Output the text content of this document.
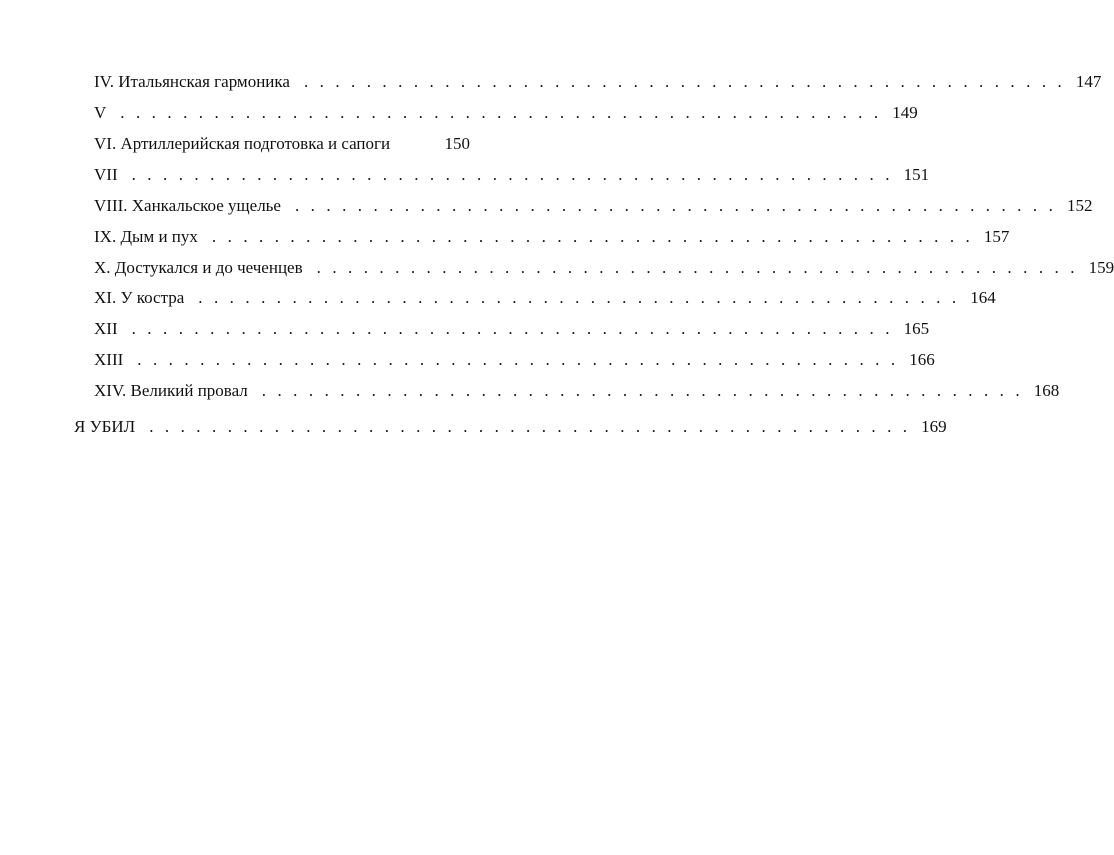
IV. Итальянская гармоника . . . . . . . . . . . . . . . . . . . . . . . . . . . . . . . . . . . . . . . . . . . . . . . . . 147
V . . . . . . . . . . . . . . . . . . . . . . . . . . . . . . . . . . . . . . . . . . . . . . . . . 149
VI. Артиллерийская подготовка и сапоги	150
VII . . . . . . . . . . . . . . . . . . . . . . . . . . . . . . . . . . . . . . . . . . . . . . . . . 151
VIII. Ханкальское ущелье . . . . . . . . . . . . . . . . . . . . . . . . . . . . . . . . . . . . . . . . . . . . . . . . . 152
IX. Дым и пух . . . . . . . . . . . . . . . . . . . . . . . . . . . . . . . . . . . . . . . . . . . . . . . . . 157
X. Достукался и до чеченцев . . . . . . . . . . . . . . . . . . . . . . . . . . . . . . . . . . . . . . . . . . . . . . . . . 159
XI. У костра . . . . . . . . . . . . . . . . . . . . . . . . . . . . . . . . . . . . . . . . . . . . . . . . . 164
XII . . . . . . . . . . . . . . . . . . . . . . . . . . . . . . . . . . . . . . . . . . . . . . . . . 165
XIII . . . . . . . . . . . . . . . . . . . . . . . . . . . . . . . . . . . . . . . . . . . . . . . . . 166
XIV. Великий провал . . . . . . . . . . . . . . . . . . . . . . . . . . . . . . . . . . . . . . . . . . . . . . . . . 168
Я УБИЛ . . . . . . . . . . . . . . . . . . . . . . . . . . . . . . . . . . . . . . . . . . . . . . . . . 169
